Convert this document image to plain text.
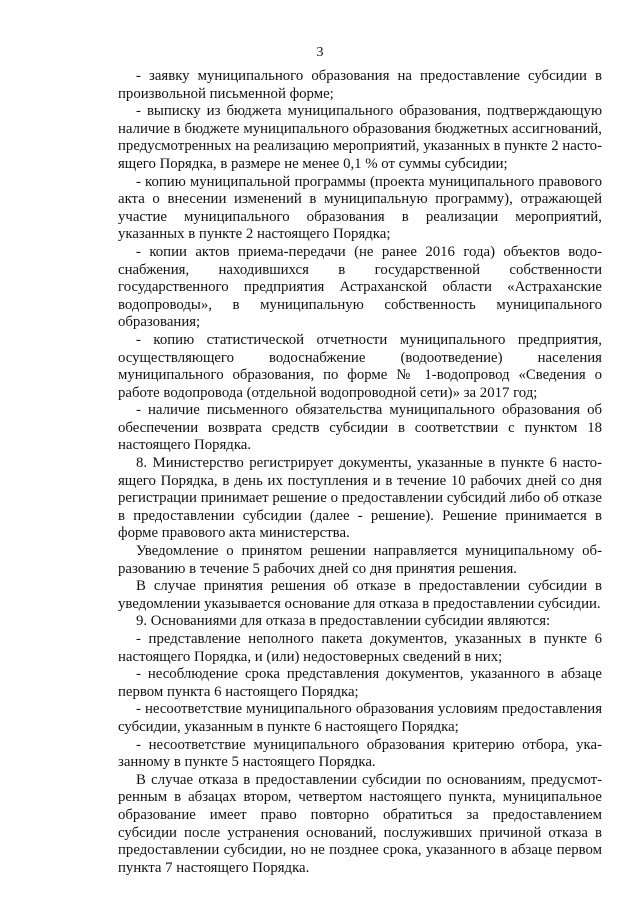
3

- заявку муниципального образования на предоставление субсидии в произвольной письменной форме;

- выписку из бюджета муниципального образования, подтверждающую наличие в бюджете муниципального образования бюджетных ассигнований, предусмотренных на реализацию мероприятий, указанных в пункте 2 настоящего Порядка, в размере не менее 0,1 % от суммы субсидии;

- копию муниципальной программы (проекта муниципального правового акта о внесении изменений в муниципальную программу), отражающей участие муниципального образования в реализации мероприятий, указанных в пункте 2 настоящего Порядка;

- копии актов приема-передачи (не ранее 2016 года) объектов водоснабжения, находившихся в государственной собственности государственного предприятия Астраханской области «Астраханские водопроводы», в муниципальную собственность муниципального образования;

- копию статистической отчетности муниципального предприятия, осуществляющего водоснабжение (водоотведение) населения муниципального образования, по форме № 1-водопровод «Сведения о работе водопровода (отдельной водопроводной сети)» за 2017 год;

- наличие письменного обязательства муниципального образования об обеспечении возврата средств субсидии в соответствии с пунктом 18 настоящего Порядка.

8. Министерство регистрирует документы, указанные в пункте 6 настоящего Порядка, в день их поступления и в течение 10 рабочих дней со дня регистрации принимает решение о предоставлении субсидий либо об отказе в предоставлении субсидии (далее - решение). Решение принимается в форме правового акта министерства.

Уведомление о принятом решении направляется муниципальному образованию в течение 5 рабочих дней со дня принятия решения.

В случае принятия решения об отказе в предоставлении субсидии в уведомлении указывается основание для отказа в предоставлении субсидии.

9. Основаниями для отказа в предоставлении субсидии являются:

- представление неполного пакета документов, указанных в пункте 6 настоящего Порядка, и (или) недостоверных сведений в них;

- несоблюдение срока представления документов, указанного в абзаце первом пункта 6 настоящего Порядка;

- несоответствие муниципального образования условиям предоставления субсидии, указанным в пункте 6 настоящего Порядка;

- несоответствие муниципального образования критерию отбора, указанному в пункте 5 настоящего Порядка.

В случае отказа в предоставлении субсидии по основаниям, предусмотренным в абзацах втором, четвертом настоящего пункта, муниципальное образование имеет право повторно обратиться за предоставлением субсидии после устранения оснований, послуживших причиной отказа в предоставлении субсидии, но не позднее срока, указанного в абзаце первом пункта 7 настоящего Порядка.
